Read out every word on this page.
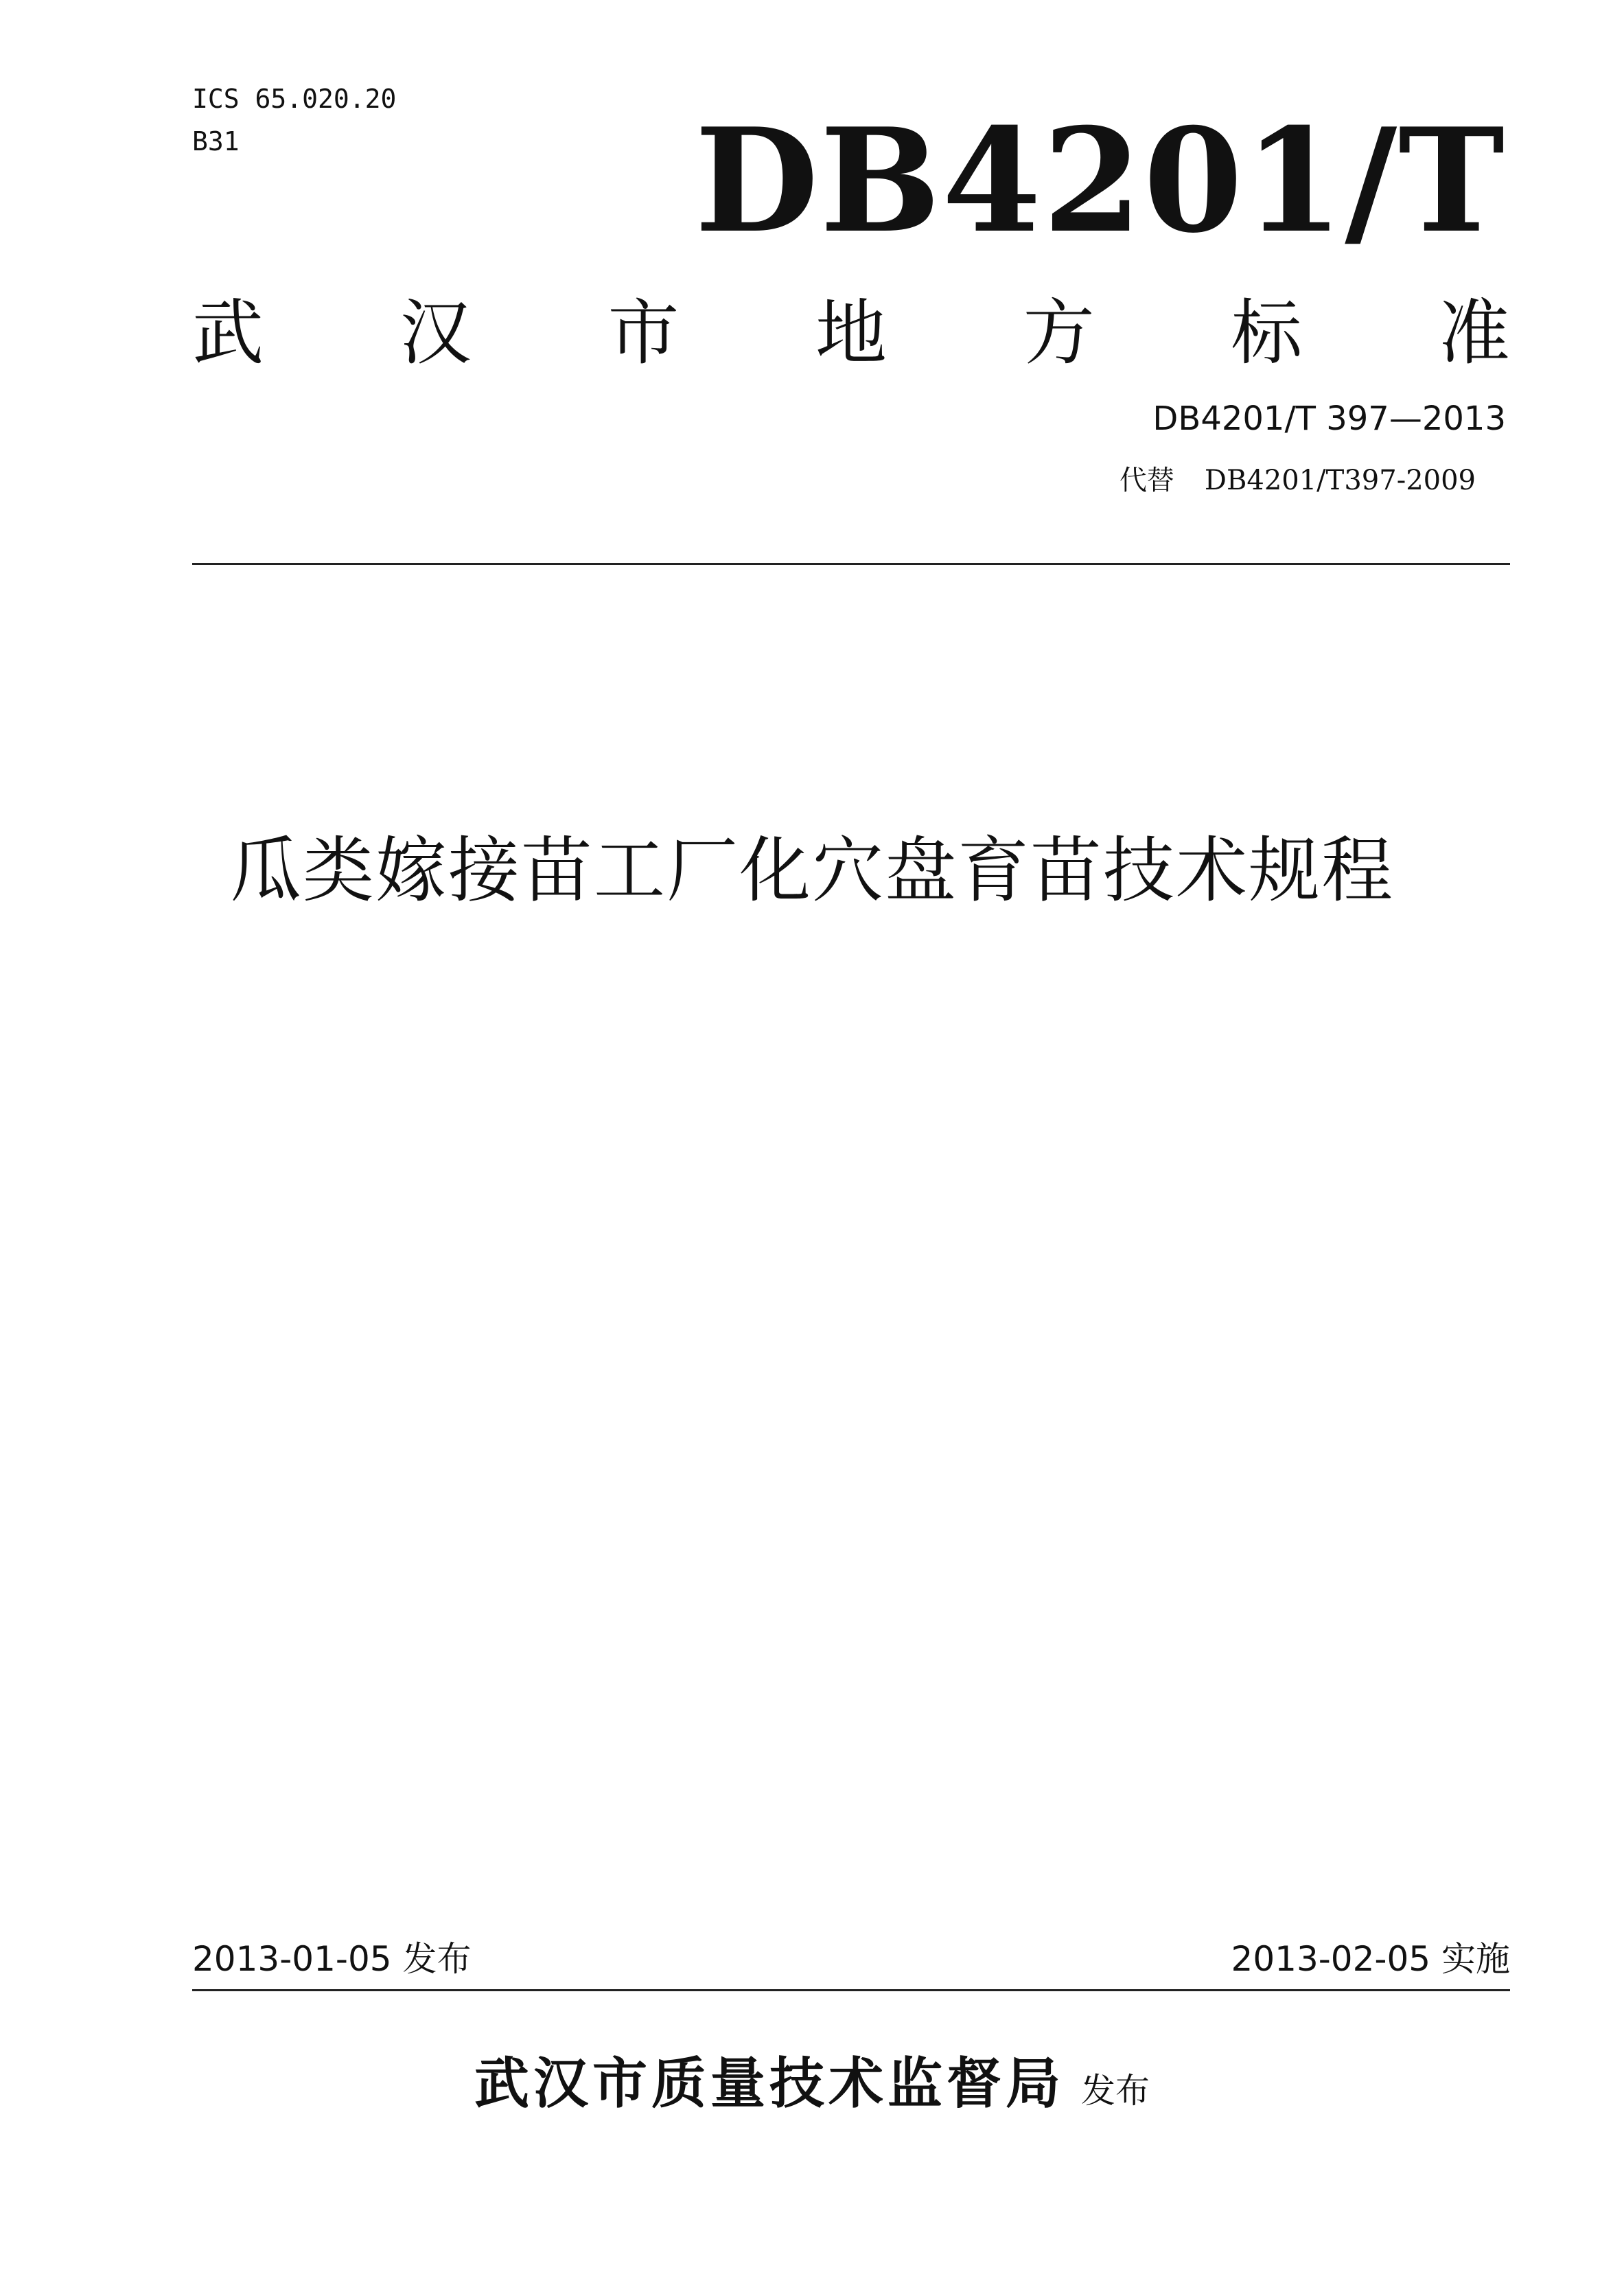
ICS 65.020.20
B31	DB4201/T
武 汉 市 地 方 标 准
DB4201/T 397—2013
代替 DB4201/T397-2009
瓜类嫁接苗工厂化穴盘育苗技术规程
2013-01-05 发布	2013-02-05 实施
武汉市质量技术监督局 发布
